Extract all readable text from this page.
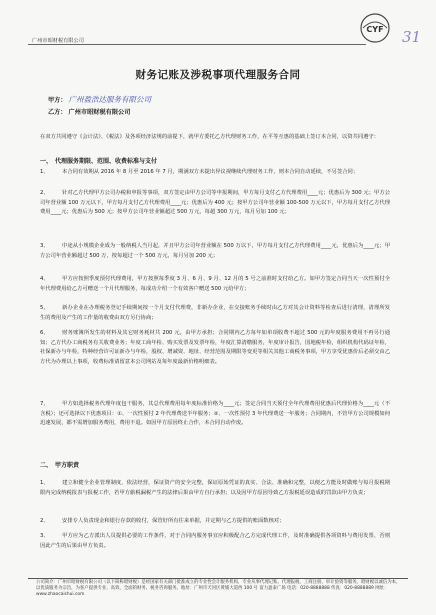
广州市昭财税有限公司
CYF 31
财务记账及涉税事项代理服务合同
甲方： 广州盈浩达服务有限公司
乙方： 广州市昭财税有限公司
在双方共同遵守《会计法》、《税法》及各项经济法规的前提下，就甲方委托乙方代理财务工作，在平等互惠的基础上签订本合同，以资共同遵守：
一、　代理服务期限、范围、收费标准与支付
1、	本合同有效期从 2016 年 8 月至 2016 年 7 月，期满双方未提出异议视继续代理财务工作，则本合同自动延续，不另签合同；
2、	针对乙方代理甲方公司办税和申报等事项，双方签定由甲方公司等申报期间，甲方每月支付乙方代理费用____元；优惠后为 300 元；甲方公司年营业额 100 万元以下，甲方每月支付乙方代理费用____元；优惠后为 400 元；按甲方公司年营业额 100-500 万元以下，甲方每月支付乙方代理费用____元；优惠后为 500 元；按甲方公司年营业额超过 500 万元，每超 300 万元，每月另加 100 元；
3、	中途从小规模企业成为一般纳税人当月起，并且甲方公司年营业额在 500 万以下，甲方每月支付乙方代理费用____元，优惠后为____元；甲方公司年营业额超过 500 万，按每超过一个 500 万元，每月另加 200 元；
4、	甲方应按照季度预付代理费用，甲方按照每季度 3 月、6 月、9 月、12 月的 5 号之前准时支付给乙方。如甲方签定合同当天一次性预付全年代理费用给乙方可赠送一个月代理服务，每成功介绍一个有效客户赠送 500 元给甲方；
5、	新办企业在办理税务登记手续期间按一个月支付代理费，非新办企业，在交接账务手续时由乙方对其会计资料等检查后进行清理，清理所发生的费用及产生的工作量的收费由双方另行协商；
6、	财务账簿所发生的材料及其它财务耗材共 200 元，由甲方承担；合同期内乙方每年如单项收费不超过 500 元的年度服务费用不再另行通知；乙方代办工商税务有关收费业务；年度工商年检、购买发票及发票年检，年度汇算清缴服务，年度审计报告，国地税年检，组织机构代码证年检，社保新办与年检，特种经营许可证新办与年检，股权、增减资、地址、经营范围及期限等变更等相关其他工商税务事项，甲方享受优惠价后必须交由乙方代为办理以上事项，收费标准请留意本公司网站及每年度最新价格明细表。
7、	甲方如选择税务代理年度包干服务，其总代理费用每年度标准价格为____元；签定合同当天预付全年代理费用优惠后代理价格为____元（不含税）；还可选择以下优惠项目：①、一次性预付 2 年代理费送半年服务；②、一次性预付 3 年代理费送一年服务；合同期内，不管甲方公司规模如何迅速发展，都不需增加服务费用，费用不退。如因甲方原因终止合作，本合同自动作废。
二、　甲方职责
1、	建立和健全企业管理制度，依法经营，保证资产的安全完整，保证原始凭证的真实、合法、准确和完整，以便乙方能及时做账与每月报税期限内完成纳税报表与报税工作，若甲方偷税漏税产生的法律后果由甲方自行承担；以及因甲方原因导致乙方报税延误造成的罚款由甲方负责；
2、	安排专人负责现金和银行存款的收付，保管好所有往来单据，并定期与乙方提供的账面数核对；
3、	甲方应为乙方派出人员提供必要的工作条件，对于合同内服务事宜应积极配合乙方完成代理工作，及时准确提供各项资料与费用发票，否则因此产生的后果由甲方负责。
公司简介：广州市昭财税有限公司（以下简称昭财税）是经国家有关部门批准成立的专业性会计服务机构，专业从事代理记账、代理报税、工商注册、审计验资等服务。昭财税以诚信为本，以优质服务为宗旨，为客户提供专业、高效、全面的财务、税务咨询服务。地址：广州市天河区黄埔大道西 100 号 富力盈泰广场 电话：020-8888888 传真：020-8888889 网址：www.zhaocaishui.com
